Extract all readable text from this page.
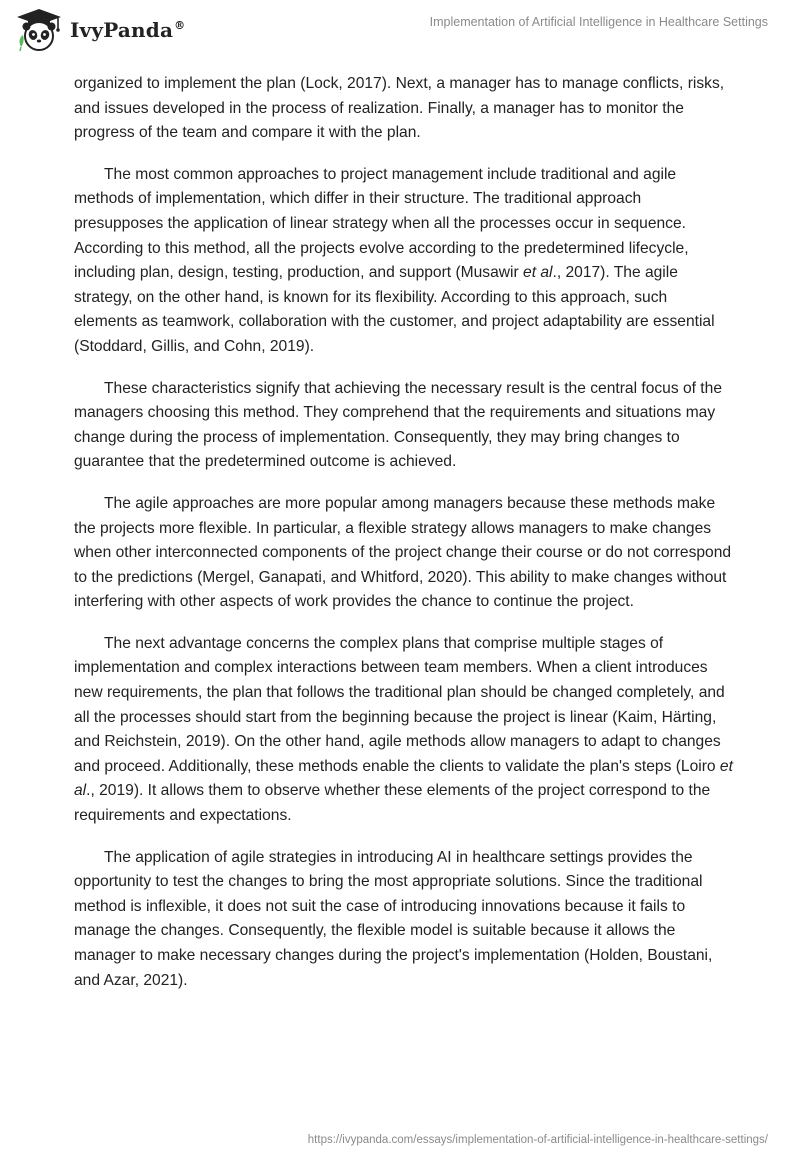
IvyPanda®	Implementation of Artificial Intelligence in Healthcare Settings

organized to implement the plan (Lock, 2017). Next, a manager has to manage conflicts, risks, and issues developed in the process of realization. Finally, a manager has to monitor the progress of the team and compare it with the plan.

The most common approaches to project management include traditional and agile methods of implementation, which differ in their structure. The traditional approach presupposes the application of linear strategy when all the processes occur in sequence. According to this method, all the projects evolve according to the predetermined lifecycle, including plan, design, testing, production, and support (Musawir et al., 2017). The agile strategy, on the other hand, is known for its flexibility. According to this approach, such elements as teamwork, collaboration with the customer, and project adaptability are essential (Stoddard, Gillis, and Cohn, 2019).

These characteristics signify that achieving the necessary result is the central focus of the managers choosing this method. They comprehend that the requirements and situations may change during the process of implementation. Consequently, they may bring changes to guarantee that the predetermined outcome is achieved.

The agile approaches are more popular among managers because these methods make the projects more flexible. In particular, a flexible strategy allows managers to make changes when other interconnected components of the project change their course or do not correspond to the predictions (Mergel, Ganapati, and Whitford, 2020). This ability to make changes without interfering with other aspects of work provides the chance to continue the project.

The next advantage concerns the complex plans that comprise multiple stages of implementation and complex interactions between team members. When a client introduces new requirements, the plan that follows the traditional plan should be changed completely, and all the processes should start from the beginning because the project is linear (Kaim, Härting, and Reichstein, 2019). On the other hand, agile methods allow managers to adapt to changes and proceed. Additionally, these methods enable the clients to validate the plan's steps (Loiro et al., 2019). It allows them to observe whether these elements of the project correspond to the requirements and expectations.

The application of agile strategies in introducing AI in healthcare settings provides the opportunity to test the changes to bring the most appropriate solutions. Since the traditional method is inflexible, it does not suit the case of introducing innovations because it fails to manage the changes. Consequently, the flexible model is suitable because it allows the manager to make necessary changes during the project's implementation (Holden, Boustani, and Azar, 2021).

https://ivypanda.com/essays/implementation-of-artificial-intelligence-in-healthcare-settings/
